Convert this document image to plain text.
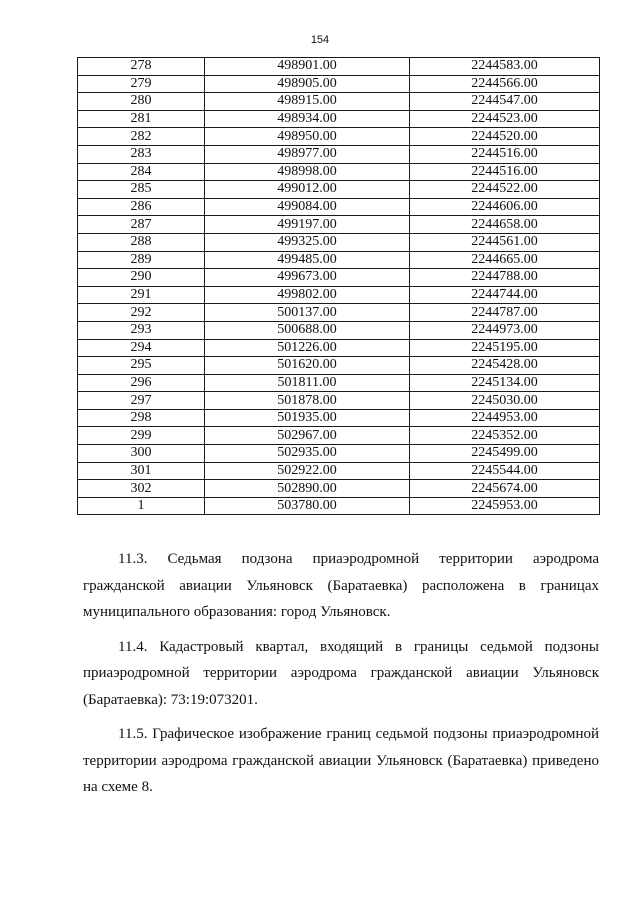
154
278	498901.00	2244583.00
279	498905.00	2244566.00
280	498915.00	2244547.00
281	498934.00	2244523.00
282	498950.00	2244520.00
283	498977.00	2244516.00
284	498998.00	2244516.00
285	499012.00	2244522.00
286	499084.00	2244606.00
287	499197.00	2244658.00
288	499325.00	2244561.00
289	499485.00	2244665.00
290	499673.00	2244788.00
291	499802.00	2244744.00
292	500137.00	2244787.00
293	500688.00	2244973.00
294	501226.00	2245195.00
295	501620.00	2245428.00
296	501811.00	2245134.00
297	501878.00	2245030.00
298	501935.00	2244953.00
299	502967.00	2245352.00
300	502935.00	2245499.00
301	502922.00	2245544.00
302	502890.00	2245674.00
1	503780.00	2245953.00

11.3. Седьмая подзона приаэродромной территории аэродрома гражданской авиации Ульяновск (Баратаевка) расположена в границах муниципального образования: город Ульяновск.

11.4. Кадастровый квартал, входящий в границы седьмой подзоны приаэродромной территории аэродрома гражданской авиации Ульяновск (Баратаевка): 73:19:073201.

11.5. Графическое изображение границ седьмой подзоны приаэродромной территории аэродрома гражданской авиации Ульяновск (Баратаевка) приведено на схеме 8.
